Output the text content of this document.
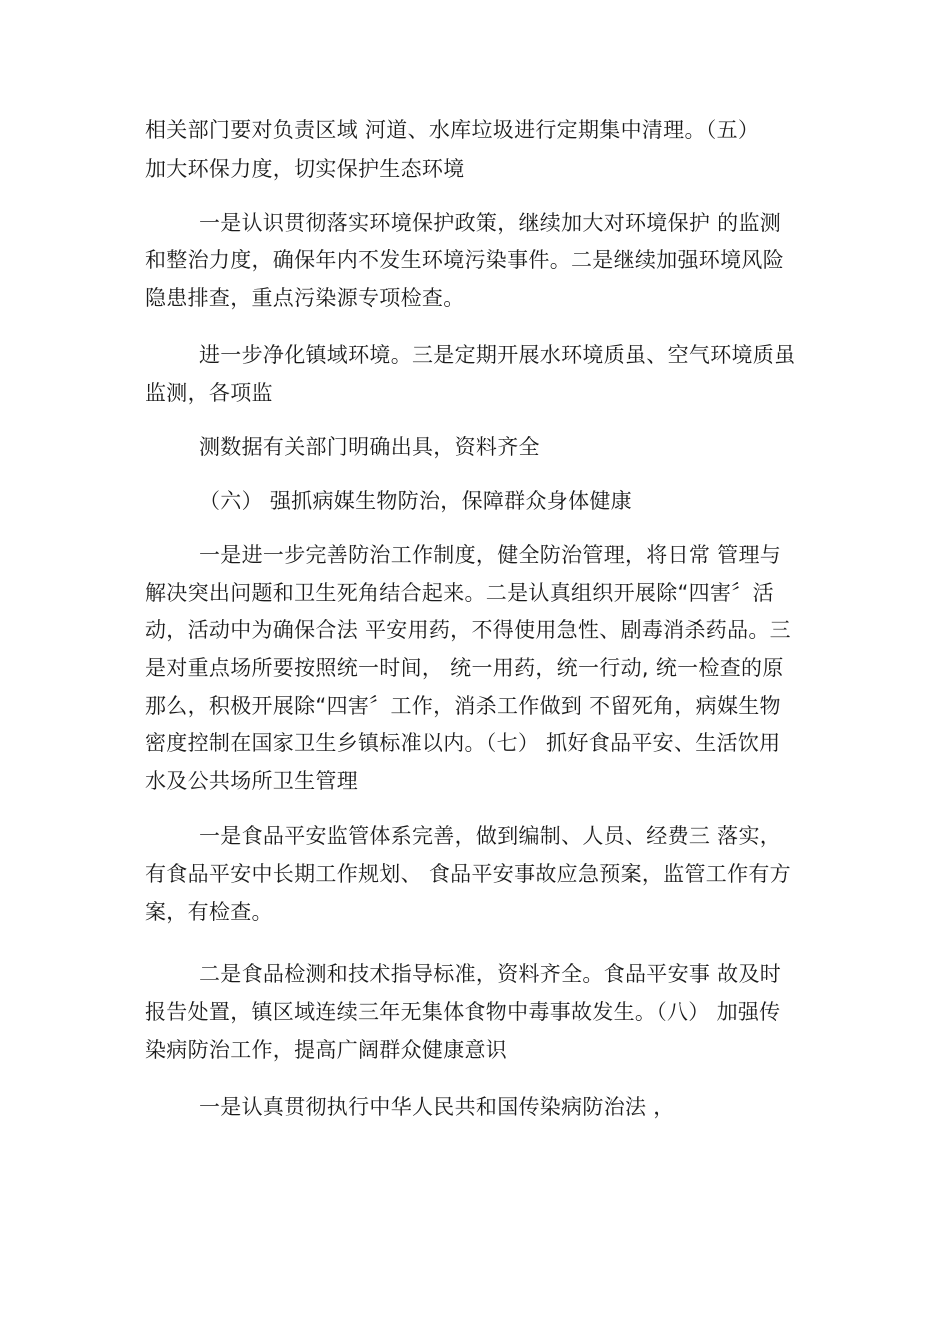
相关部门要对负责区域 河道、水库垃圾进行定期集中清理。（五）
加大环保力度，切实保护生态环境
一是认识贯彻落实环境保护政策，继续加大对环境保护 的监测
和整治力度，确保年内不发生环境污染事件。二是继续加强环境风险
隐患排查，重点污染源专项检查。
进一步净化镇域环境。三是定期开展水环境质虽、空气环境质虽
监测，各项监
测数据有关部门明确出具，资料齐全
（六） 强抓病媒生物防治，保障群众身体健康
一是进一步完善防治工作制度，健全防治管理，将日常 管理与
解决突出问题和卫生死角结合起来。二是认真组织开展除“四害〞活
动，活动中为确保合法 平安用药，不得使用急性、剧毒消杀药品。三
是对重点场所要按照统一时间， 统一用药，统一行动, 统一检查的原
那么，积极开展除“四害〞工作，消杀工作做到 不留死角，病媒生物
密度控制在国家卫生乡镇标准以内。（七） 抓好食品平安、生活饮用
水及公共场所卫生管理
一是食品平安监管体系完善，做到编制、人员、经费三 落实，
有食品平安中长期工作规划、 食品平安事故应急预案，监管工作有方
案，有检查。
二是食品检测和技术指导标准，资料齐全。食品平安事 故及时
报告处置，镇区域连续三年无集体食物中毒事故发生。（八） 加强传
染病防治工作，提高广阔群众健康意识
一是认真贯彻执行中华人民共和国传染病防治法 ，
